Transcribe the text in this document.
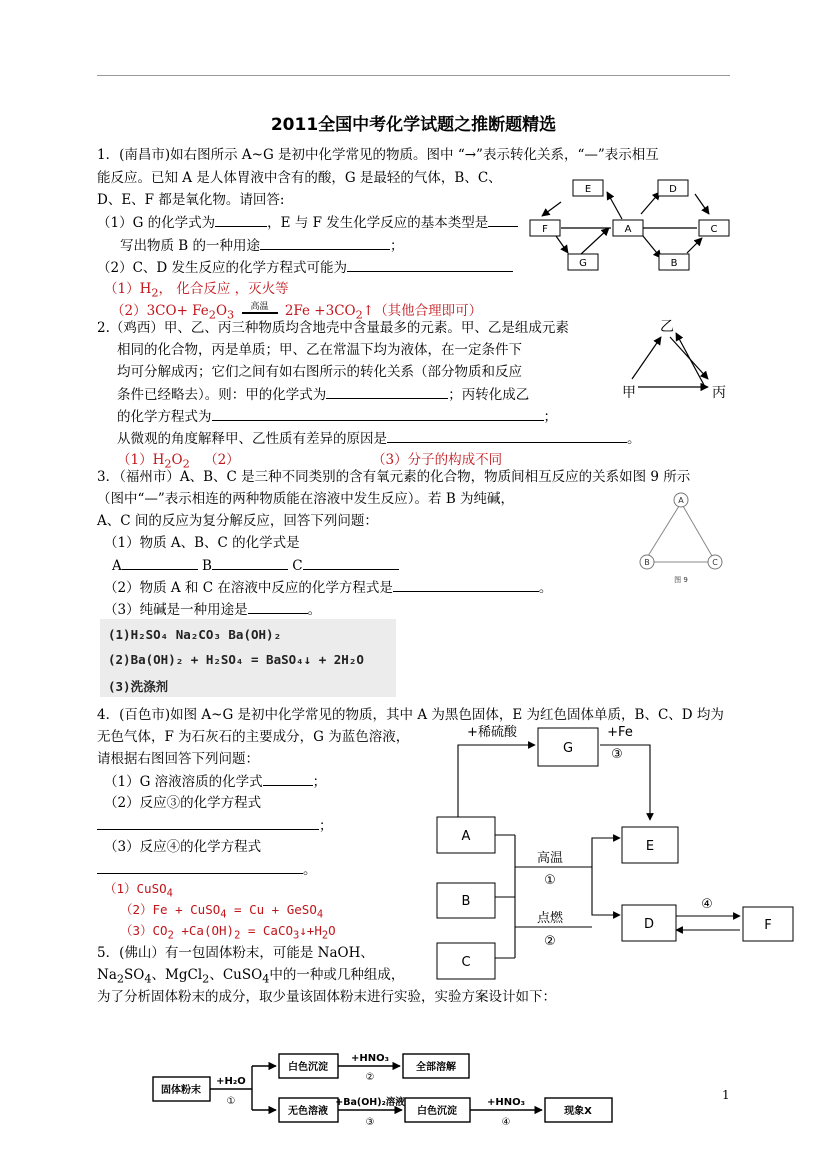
2011全国中考化学试题之推断题精选
1．(南昌市)如右图所示 A~G 是初中化学常见的物质。图中 “→”表示转化关系，“—”表示相互
能反应。已知 A 是人体胃液中含有的酸，G 是最轻的气体，B、C、
D、E、F 都是氧化物。请回答:
（1）G 的化学式为	，E 与 F 发生化学反应的基本类型是
写出物质 B 的一种用途	；
（2）C、D 发生反应的化学方程式可能为
$(1)H_2$， 化合反应 ，灭火等
$(2)3CO+ Fe_2O_3$ 高温 $2Fe +3CO_2↑$（其他合理即可）
E	D
F	A	C
G	B
2.（鸡西）甲、乙、丙三种物质均含地壳中含量最多的元素。甲、乙是组成元素
相同的化合物，丙是单质；甲、乙在常温下均为液体，在一定条件下
均可分解成丙；它们之间有如右图所示的转化关系（部分物质和反应
条件已经略去）。则：甲的化学式为	；丙转化成乙
的化学方程式为	；
从微观的角度解释甲、乙性质有差异的原因是	。
$(1)H_2O_2$ （2）	（3）分子的构成不同
乙
甲	丙
3．（福州市）A、B、C 是三种不同类别的含有氧元素的化合物，物质间相互反应的关系如图 9 所示
（图中“—”表示相连的两种物质能在溶液中发生反应）。若 B 为纯碱，
A、C 间的反应为复分解反应，回答下列问题：
（1）物质 A、B、C 的化学式是
A	B	C
（2）物质 A 和 C 在溶液中反应的化学方程式是	。
（3）纯碱是一种用途是	。
A
B	C
图 9
(1)H₂SO₄ Na₂CO₃ Ba(OH)₂
(2)Ba(OH)₂ + H₂SO₄ = BaSO₄↓ + 2H₂O
(3)洗涤剂
4．(百色市)如图 A~G 是初中化学常见的物质，其中 A 为黑色固体，E 为红色固体单质，B、C、D 均为
无色气体，F 为石灰石的主要成分，G 为蓝色溶液，
请根据右图回答下列问题：
（1）G 溶液溶质的化学式	；
（2）反应③的化学方程式
；
（3）反应④的化学方程式
。
（1）CuSO$_4$
（2）Fe + CuSO$_4$ = Cu + GeSO$_4$
$(3)CO_2 +Ca(OH)_2$ = $CaCO_3↓+H_2O$
G
A
E
B
D	F
C
+稀硫酸	+Fe
③
高温
①
点燃
②
④
5．(佛山）有一包固体粉末，可能是 NaOH、
$Na_2SO_4$、MgCl$_2$、CuSO$_4$中的一种或几种组成，
为了分析固体粉末的成分，取少量该固体粉末进行实验，实验方案设计如下：
固体粉末
+H₂O
①
白色沉淀
+HNO₃
②
全部溶解
无色溶液
+Ba(OH)₂溶液
③
白色沉淀
+HNO₃
④
现象X
1
